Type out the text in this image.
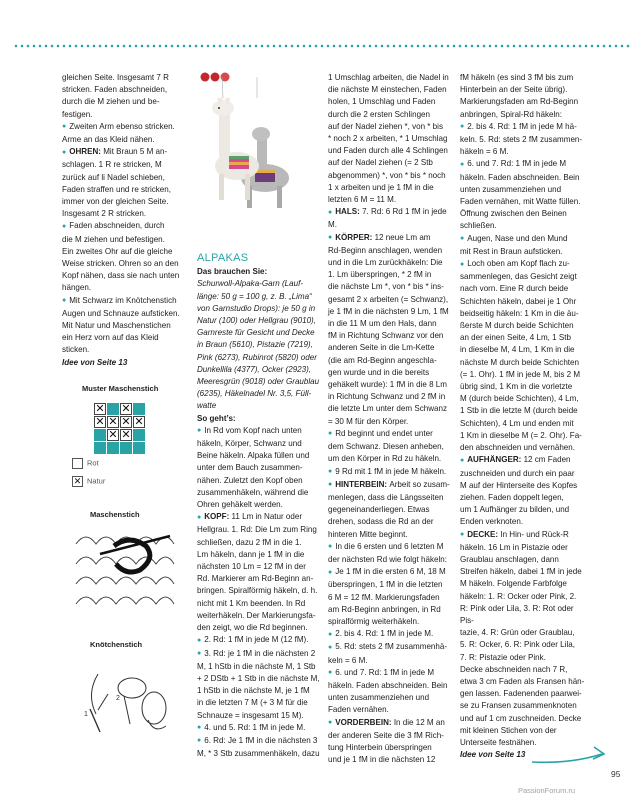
gleichen Seite. Insgesamt 7 R

stricken. Faden abschneiden,

durch die M ziehen und be-

festigen.

● Zweiten Arm ebenso stricken.

Arme an das Kleid nähen.

● OHREN: Mit Braun 5 M an-

schlagen. 1 R re stricken, M

zurück auf li Nadel schieben,

Faden straffen und re stricken,

immer von der gleichen Seite.

Insgesamt 2 R stricken.

● Faden abschneiden, durch

die M ziehen und befestigen.

Ein zweites Ohr auf die gleiche

Weise stricken. Ohren so an den

Kopf nähen, dass sie nach unten

hängen.

● Mit Schwarz im Knötchenstich

Augen und Schnauze aufsticken.

Mit Natur und Maschenstichen

ein Herz vorn auf das Kleid

sticken.

Idee von Seite 13

ALPAKAS

Das brauchen Sie:

Schurwoll-Alpaka-Garn (Lauf-

länge: 50 g = 100 g, z. B. „Lima“

von Garnstudio Drops): je 50 g in

Natur (100) oder Hellgrau (9010),

Garnreste für Gesicht und Decke

in Braun (5610), Pistazie (7219),

Pink (6273), Rubinrot (5820) oder

Dunkellila (4377), Ocker (2923),

Meeresgrün (9018) oder Graublau

(6235), Häkelnadel Nr. 3,5, Füll-

watte

So geht’s:

● In Rd vom Kopf nach unten

häkeln, Körper, Schwanz und

Beine häkeln. Alpaka füllen und

unter dem Bauch zusammen-

nähen. Zuletzt den Kopf oben

zusammenhäkeln, während die

Ohren gehäkelt werden.

● KOPF: 11 Lm in Natur oder

Hellgrau. 1. Rd: Die Lm zum Ring

schließen, dazu 2 fM in die 1.

Lm häkeln, dann je 1 fM in die

nächsten 10 Lm = 12 fM in der

Rd. Markierer am Rd-Beginn an-

bringen. Spiralförmig häkeln, d. h.

nicht mit 1 Km beenden. In Rd

weiterhäkeln. Der Markierungsfa-

den zeigt, wo die Rd beginnen.

● 2. Rd: 1 fM in jede M (12 fM).

● 3. Rd: je 1 fM in die nächsten 2

M, 1 hStb in die nächste M, 1 Stb

+ 2 DStb + 1 Stb in die nächste M,

1 hStb in die nächste M, je 1 fM

in die letzten 7 M (+ 3 M für die

Schnauze = insgesamt 15 M).

● 4. und 5. Rd: 1 fM in jede M.

● 6. Rd: Je 1 fM in die nächsten 3

M, * 3 Stb zusammenhäkeln, dazu

1 Umschlag arbeiten, die Nadel in

die nächste M einstechen, Faden

holen, 1 Umschlag und Faden

durch die 2 ersten Schlingen

auf der Nadel ziehen *, von * bis

* noch 2 x arbeiten, * 1 Umschlag

und Faden durch alle 4 Schlingen

auf der Nadel ziehen (= 2 Stb

abgenommen) *, von * bis * noch

1 x arbeiten und je 1 fM in die

letzten 6 M = 11 M.

● HALS: 7. Rd: 6 Rd 1 fM in jede M.

● KÖRPER: 12 neue Lm am

Rd-Beginn anschlagen, wenden

und in die Lm zurückhäkeln: Die

1. Lm überspringen, * 2 fM in

die nächste Lm *, von * bis * ins-

gesamt 2 x arbeiten (= Schwanz),

je 1 fM in die nächsten 9 Lm, 1 fM

in die 11 M um den Hals, dann

fM in Richtung Schwanz vor den

anderen Seite in die Lm-Kette

(die am Rd-Beginn angeschla-

gen wurde und in die bereits

gehäkelt wurde): 1 fM in die 8 Lm

in Richtung Schwanz und 2 fM in

die letzte Lm unter dem Schwanz

= 30 M für den Körper.

● Rd beginnt und endet unter

dem Schwanz. Diesen anheben,

um den Körper in Rd zu häkeln.

● 9 Rd mit 1 fM in jede M häkeln.

● HINTERBEIN: Arbeit so zusam-

menlegen, dass die Längsseiten

gegeneinanderliegen. Etwas

drehen, sodass die Rd an der

hinteren Mitte beginnt.

● In die 6 ersten und 6 letzten M

der nächsten Rd wie folgt häkeln:

● Je 1 fM in die ersten 6 M, 18 M

überspringen, 1 fM in die letzten

6 M = 12 fM. Markierungsfaden

am Rd-Beginn anbringen, in Rd

spiralförmig weiterhäkeln.

● 2. bis 4. Rd: 1 fM in jede M.

● 5. Rd: stets 2 fM zusammenhä-

keln = 6 M.

● 6. und 7. Rd: 1 fM in jede M

häkeln. Faden abschneiden. Bein

unten zusammenziehen und

Faden vernähen.

● VORDERBEIN: In die 12 M an

der anderen Seite die 3 fM Rich-

tung Hinterbein überspringen

und je 1 fM in die nächsten 12

fM häkeln (es sind 3 fM bis zum

Hinterbein an der Seite übrig).

Markierungsfaden am Rd-Beginn

anbringen, Spiral-Rd häkeln:

● 2. bis 4. Rd: 1 fM in jede M hä-

keln. 5. Rd: stets 2 fM zusammen-

häkeln = 6 M.

● 6. und 7. Rd: 1 fM in jede M

häkeln. Faden abschneiden. Bein

unten zusammenziehen und

Faden vernähen, mit Watte füllen.

Öffnung zwischen den Beinen

schließen.

● Augen, Nase und den Mund

mit Rest in Braun aufsticken.

● Loch oben am Kopf flach zu-

sammenlegen, das Gesicht zeigt

nach vorn. Eine R durch beide

Schichten häkeln, dabei je 1 Ohr

beidseitig häkeln: 1 Km in die äu-

ßerste M durch beide Schichten

an der einen Seite, 4 Lm, 1 Stb

in dieselbe M, 4 Lm, 1 Km in die

nächste M durch beide Schichten

(= 1. Ohr). 1 fM in jede M, bis 2 M

übrig sind, 1 Km in die vorletzte

M (durch beide Schichten), 4 Lm,

1 Stb in die letzte M (durch beide

Schichten), 4 Lm und enden mit

1 Km in dieselbe M (= 2. Ohr). Fa-

den abschneiden und vernähen.

● AUFHÄNGER: 12 cm Faden

zuschneiden und durch ein paar

M auf der Hinterseite des Kopfes

ziehen. Faden doppelt legen,

um 1 Aufhänger zu bilden, und

Enden verknoten.

● DECKE: In Hin- und Rück-R

häkeln. 16 Lm in Pistazie oder

Graublau anschlagen, dann

Streifen häkeln, dabei 1 fM in jede

M häkeln. Folgende Farbfolge

häkeln: 1. R: Ocker oder Pink, 2.

R: Pink oder Lila, 3. R: Rot oder Pis-

tazie, 4. R: Grün oder Graublau,

5. R: Ocker, 6. R: Pink oder Lila,

7. R: Pistazie oder Pink.

Decke abschneiden nach 7 R,

etwa 3 cm Faden als Fransen hän-

gen lassen. Fadenenden paarwei-

se zu Fransen zusammenknoten

und auf 1 cm zuschneiden. Decke

mit kleinen Stichen von der

Unterseite festnähen.

Idee von Seite 13

Muster Maschenstich
✕ ✕
✕ ✕ ✕ ✕
✕ ✕
Rot
✕ Natur
Maschenstich
Knötchenstich
1
2
95
PassionForum.ru
